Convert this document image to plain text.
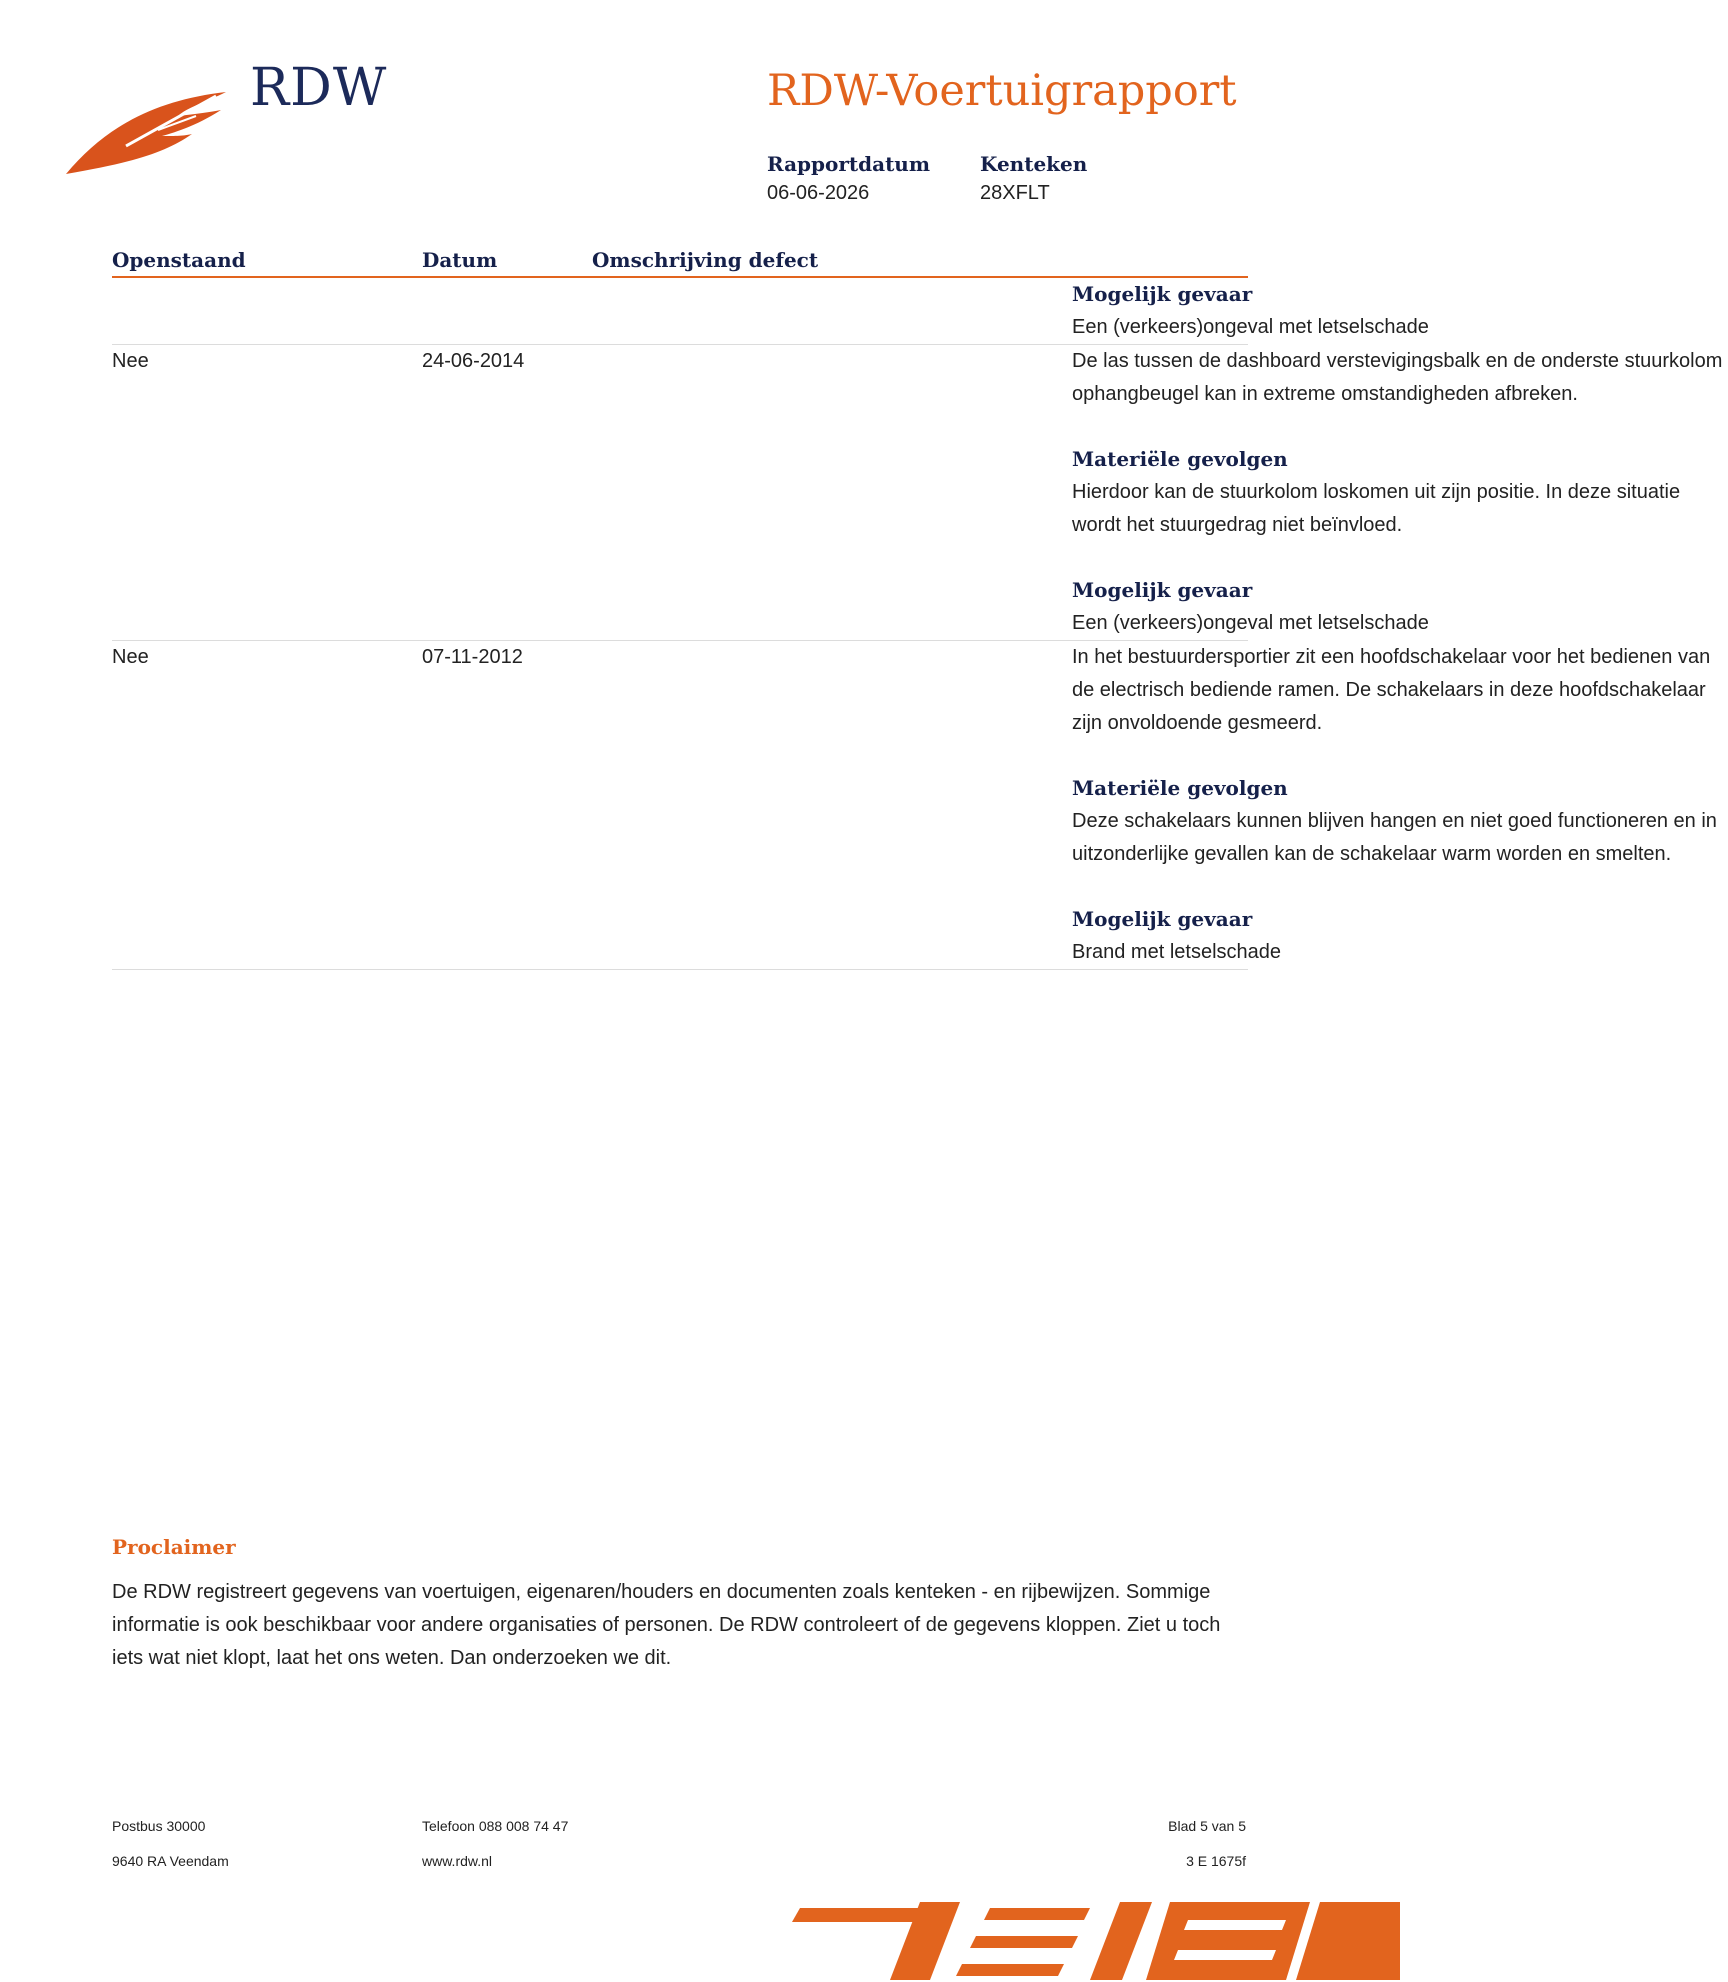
RDW	RDW-Voertuigrapport
Rapportdatum
06-06-2026
Kenteken
28XFLT
Openstaand	Datum	Omschrijving defect
Mogelijk gevaar
Een (verkeers)ongeval met letselschade
Nee	24-06-2014	De las tussen de dashboard verstevigingsbalk en de onderste stuurkolom ophangbeugel kan in extreme omstandigheden afbreken.
Materiële gevolgen
Hierdoor kan de stuurkolom loskomen uit zijn positie. In deze situatie wordt het stuurgedrag niet beïnvloed.
Mogelijk gevaar
Een (verkeers)ongeval met letselschade
Nee	07-11-2012	In het bestuurdersportier zit een hoofdschakelaar voor het bedienen van de electrisch bediende ramen. De schakelaars in deze hoofdschakelaar zijn onvoldoende gesmeerd.
Materiële gevolgen
Deze schakelaars kunnen blijven hangen en niet goed functioneren en in uitzonderlijke gevallen kan de schakelaar warm worden en smelten.
Mogelijk gevaar
Brand met letselschade
Proclaimer
De RDW registreert gegevens van voertuigen, eigenaren/houders en documenten zoals kenteken - en rijbewijzen. Sommige informatie is ook beschikbaar voor andere organisaties of personen. De RDW controleert of de gegevens kloppen. Ziet u toch iets wat niet klopt, laat het ons weten. Dan onderzoeken we dit.
Postbus 30000
9640 RA Veendam
Telefoon 088 008 74 47
www.rdw.nl
Blad 5 van 5
3 E 1675f
